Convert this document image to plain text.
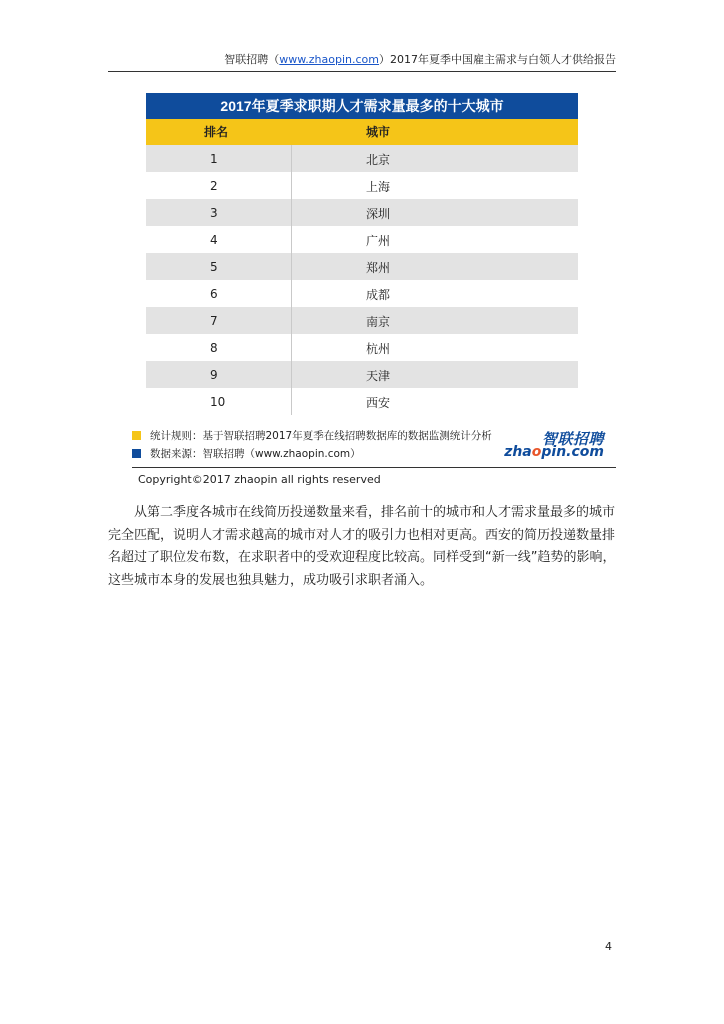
智联招聘（www.zhaopin.com）2017年夏季中国雇主需求与白领人才供给报告
2017年夏季求职期人才需求量最多的十大城市
排名	城市
1	北京
2	上海
3	深圳
4	广州
5	郑州
6	成都
7	南京
8	杭州
9	天津
10	西安
统计规则：基于智联招聘2017年夏季在线招聘数据库的数据监测统计分析
数据来源：智联招聘（www.zhaopin.com）
智联招聘
zhaopin.com
Copyright©2017 zhaopin all rights reserved

从第二季度各城市在线简历投递数量来看，排名前十的城市和人才需求量最多的城市完全匹配，说明人才需求越高的城市对人才的吸引力也相对更高。西安的简历投递数量排名超过了职位发布数，在求职者中的受欢迎程度比较高。同样受到“新一线”趋势的影响，这些城市本身的发展也独具魅力，成功吸引求职者涌入。

4
